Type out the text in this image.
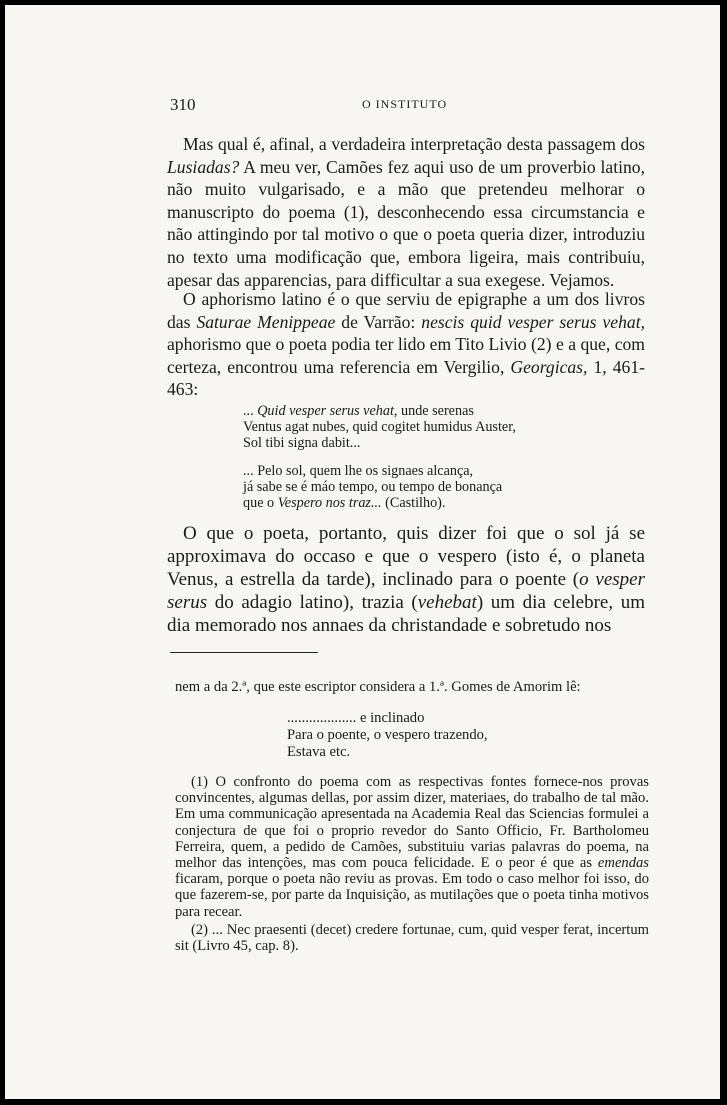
310	O INSTITUTO

Mas qual é, afinal, a verdadeira interpretação desta passagem dos Lusiadas? A meu ver, Camões fez aqui uso de um proverbio latino, não muito vulgarisado, e a mão que pretendeu melhorar o manuscripto do poema (1), desconhecendo essa circumstancia e não attingindo por tal motivo o que o poeta queria dizer, introduziu no texto uma modificação que, embora ligeira, mais contribuiu, apesar das apparencias, para difficultar a sua exegese. Vejamos.

O aphorismo latino é o que serviu de epigraphe a um dos livros das Saturae Menippeae de Varrão: nescis quid vesper serus vehat, aphorismo que o poeta podia ter lido em Tito Livio (2) e a que, com certeza, encontrou uma referencia em Vergilio, Georgicas, 1, 461-463:

... Quid vesper serus vehat, unde serenas
Ventus agat nubes, quid cogitet humidus Auster,
Sol tibi signa dabit...
... Pelo sol, quem lhe os signaes alcança,
já sabe se é máo tempo, ou tempo de bonança
que o Vespero nos traz... (Castilho).

O que o poeta, portanto, quis dizer foi que o sol já se approximava do occaso e que o vespero (isto é, o planeta Venus, a estrella da tarde), inclinado para o poente (o vesper serus do adagio latino), trazia (vehebat) um dia celebre, um dia memorado nos annaes da christandade e sobretudo nos

nem a da 2.ª, que este escriptor considera a 1.ª. Gomes de Amorim lê:
................... e inclinado
Para o poente, o vespero trazendo,
Estava etc.

(1) O confronto do poema com as respectivas fontes fornece-nos provas convincentes, algumas dellas, por assim dizer, materiaes, do trabalho de tal mão. Em uma communicação apresentada na Academia Real das Sciencias formulei a conjectura de que foi o proprio revedor do Santo Officio, Fr. Bartholomeu Ferreira, quem, a pedido de Camões, substituiu varias palavras do poema, na melhor das intenções, mas com pouca felicidade. E o peor é que as emendas ficaram, porque o poeta não reviu as provas. Em todo o caso melhor foi isso, do que fazerem-se, por parte da Inquisição, as mutilações que o poeta tinha motivos para recear.

(2) ... Nec praesenti (decet) credere fortunae, cum, quid vesper ferat, incertum sit (Livro 45, cap. 8).
